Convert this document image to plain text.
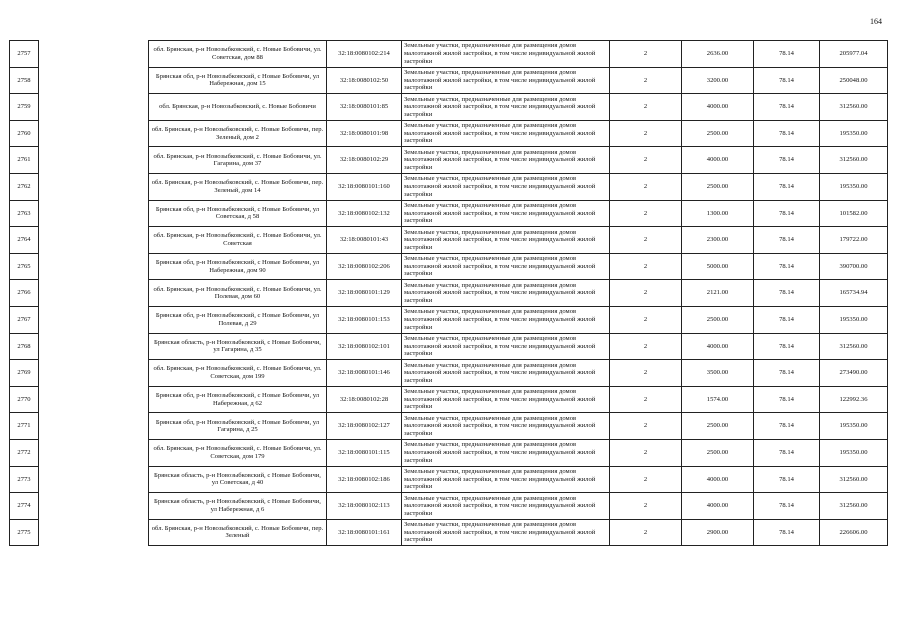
164
2757		обл. Брянская, р-н Новозыбковский, с. Новые Бобовичи, ул. Советская, дом 88	32:18:0080102:214	Земельные участки, предназначенные для размещения домов малоэтажной жилой застройки, в том числе индивидуальной жилой застройки	2	2636.00	78.14	205977.04
2758		Брянская обл, р-н Новозыбковский, с Новые Бобовичи, ул Набережная, дом 15	32:18:0080102:50	Земельные участки, предназначенные для размещения домов малоэтажной жилой застройки, в том числе индивидуальной жилой застройки	2	3200.00	78.14	250048.00
2759		обл. Брянская, р-н Новозыбковский, с. Новые Бобовичи	32:18:0080101:85	Земельные участки, предназначенные для размещения домов малоэтажной жилой застройки, в том числе индивидуальной жилой застройки	2	4000.00	78.14	312560.00
2760		обл. Брянская, р-н Новозыбковский, с. Новые Бобовичи, пер. Зеленый, дом 2	32:18:0080101:98	Земельные участки, предназначенные для размещения домов малоэтажной жилой застройки, в том числе индивидуальной жилой застройки	2	2500.00	78.14	195350.00
2761		обл. Брянская, р-н Новозыбковский, с. Новые Бобовичи, ул. Гагарина, дом 37	32:18:0080102:29	Земельные участки, предназначенные для размещения домов малоэтажной жилой застройки, в том числе индивидуальной жилой застройки	2	4000.00	78.14	312560.00
2762		обл. Брянская, р-н Новозыбковский, с. Новые Бобовичи, пер. Зеленый, дом 14	32:18:0080101:160	Земельные участки, предназначенные для размещения домов малоэтажной жилой застройки, в том числе индивидуальной жилой застройки	2	2500.00	78.14	195350.00
2763		Брянская обл, р-н Новозыбковский, с Новые Бобовичи, ул Советская, д 58	32:18:0080102:132	Земельные участки, предназначенные для размещения домов малоэтажной жилой застройки, в том числе индивидуальной жилой застройки	2	1300.00	78.14	101582.00
2764		обл. Брянская, р-н Новозыбковский, с. Новые Бобовичи, ул. Советская	32:18:0080101:43	Земельные участки, предназначенные для размещения домов малоэтажной жилой застройки, в том числе индивидуальной жилой застройки	2	2300.00	78.14	179722.00
2765		Брянская обл, р-н Новозыбковский, с Новые Бобовичи, ул Набережная, дом 90	32:18:0080102:206	Земельные участки, предназначенные для размещения домов малоэтажной жилой застройки, в том числе индивидуальной жилой застройки	2	5000.00	78.14	390700.00
2766		обл. Брянская, р-н Новозыбковский, с. Новые Бобовичи, ул. Полевая, дом 60	32:18:0080101:129	Земельные участки, предназначенные для размещения домов малоэтажной жилой застройки, в том числе индивидуальной жилой застройки	2	2121.00	78.14	165734.94
2767		Брянская обл, р-н Новозыбковский, с Новые Бобовичи, ул Полевая, д 29	32:18:0080101:153	Земельные участки, предназначенные для размещения домов малоэтажной жилой застройки, в том числе индивидуальной жилой застройки	2	2500.00	78.14	195350.00
2768		Брянская область, р-н Новозыбковский, с Новые Бобовичи, ул Гагарина, д 35	32:18:0080102:101	Земельные участки, предназначенные для размещения домов малоэтажной жилой застройки, в том числе индивидуальной жилой застройки	2	4000.00	78.14	312560.00
2769		обл. Брянская, р-н Новозыбковский, с. Новые Бобовичи, ул. Советская, дом 199	32:18:0080101:146	Земельные участки, предназначенные для размещения домов малоэтажной жилой застройки, в том числе индивидуальной жилой застройки	2	3500.00	78.14	273490.00
2770		Брянская обл, р-н Новозыбковский, с Новые Бобовичи, ул Набережная, д 62	32:18:0080102:28	Земельные участки, предназначенные для размещения домов малоэтажной жилой застройки, в том числе индивидуальной жилой застройки	2	1574.00	78.14	122992.36
2771		Брянская обл, р-н Новозыбковский, с Новые Бобовичи, ул Гагарина, д 25	32:18:0080102:127	Земельные участки, предназначенные для размещения домов малоэтажной жилой застройки, в том числе индивидуальной жилой застройки	2	2500.00	78.14	195350.00
2772		обл. Брянская, р-н Новозыбковский, с. Новые Бобовичи, ул. Советская, дом 179	32:18:0080101:115	Земельные участки, предназначенные для размещения домов малоэтажной жилой застройки, в том числе индивидуальной жилой застройки	2	2500.00	78.14	195350.00
2773		Брянская область, р-н Новозыбковский, с Новые Бобовичи, ул Советская, д 40	32:18:0080102:186	Земельные участки, предназначенные для размещения домов малоэтажной жилой застройки, в том числе индивидуальной жилой застройки	2	4000.00	78.14	312560.00
2774		Брянская область, р-н Новозыбковский, с Новые Бобовичи, ул Набережная, д 6	32:18:0080102:113	Земельные участки, предназначенные для размещения домов малоэтажной жилой застройки, в том числе индивидуальной жилой застройки	2	4000.00	78.14	312560.00
2775		обл. Брянская, р-н Новозыбковский, с. Новые Бобовичи, пер. Зеленый	32:18:0080101:161	Земельные участки, предназначенные для размещения домов малоэтажной жилой застройки, в том числе индивидуальной жилой застройки	2	2900.00	78.14	226606.00
